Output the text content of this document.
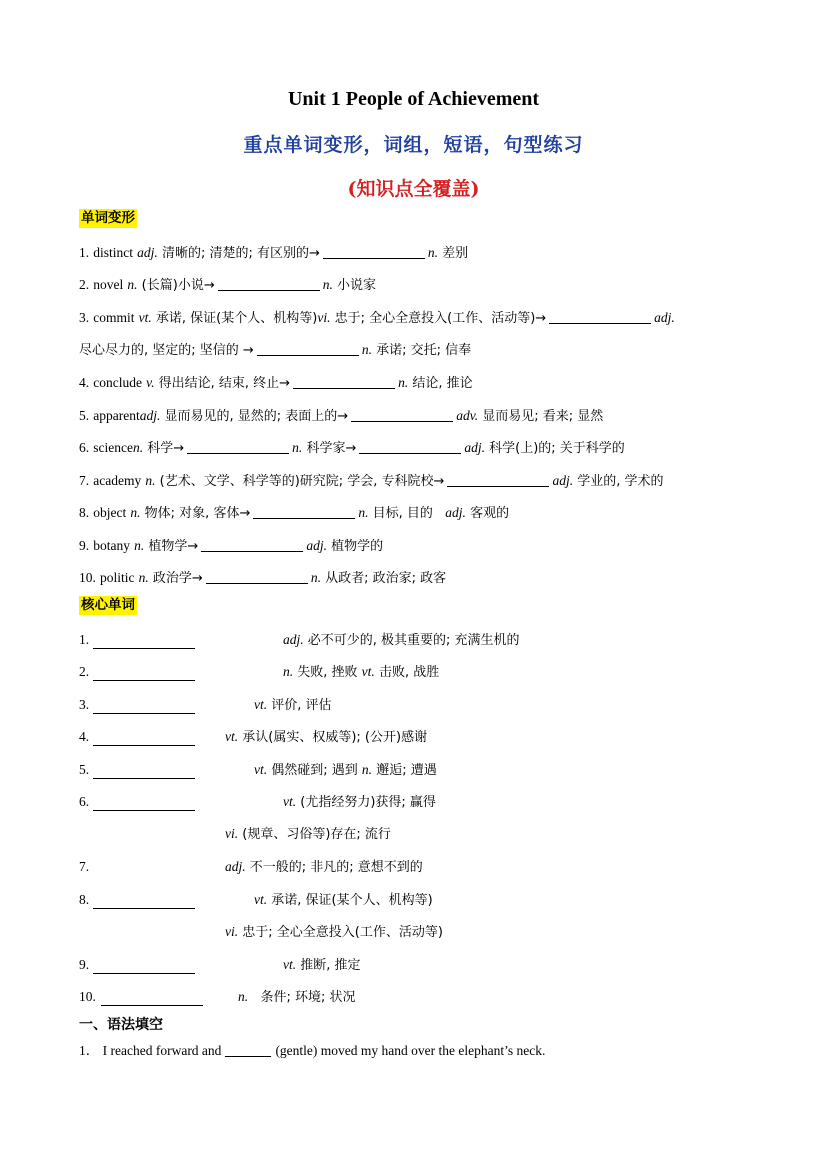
Unit 1 People of Achievement
重点单词变形，词组，短语，句型练习
(知识点全覆盖)
单词变形
1. distinct adj. 清晰的; 清楚的; 有区别的→	n. 差别
2. novel n. (长篇)小说→	n. 小说家
3. commit vt. 承诺, 保证(某个人、机构等)vi. 忠于; 全心全意投入(工作、活动等)→	adj.
尽心尽力的, 坚定的; 坚信的 →	n. 承诺; 交托; 信奉
4. conclude v. 得出结论, 结束, 终止→	n. 结论, 推论
5. apparentadj. 显而易见的, 显然的; 表面上的→	adv. 显而易见; 看来; 显然
6. sciencen. 科学→	n. 科学家→	adj. 科学(上)的; 关于科学的
7. academy n. (艺术、文学、科学等的)研究院; 学会, 专科院校→	adj. 学业的, 学术的
8. object n. 物体; 对象, 客体→	n. 目标, 目的 adj. 客观的
9. botany n. 植物学→	adj. 植物学的
10. politic n. 政治学→	n. 从政者; 政治家; 政客
核心单词
1.	adj. 必不可少的, 极其重要的; 充满生机的
2.	n. 失败, 挫败 vt. 击败, 战胜
3.	vt. 评价, 评估
4.	vt. 承认(属实、权威等); (公开)感谢
5.	vt. 偶然碰到; 遇到 n. 邂逅; 遭遇
6.	vt. (尤指经努力)获得; 赢得
vi. (规章、习俗等)存在; 流行
7.	adj. 不一般的; 非凡的; 意想不到的
8.	vt. 承诺, 保证(某个人、机构等)
vi. 忠于; 全心全意投入(工作、活动等)
9.	vt. 推断, 推定
10.	n. 条件; 环境; 状况
一、语法填空
1． I reached forward and	(gentle) moved my hand over the elephant’s neck.
